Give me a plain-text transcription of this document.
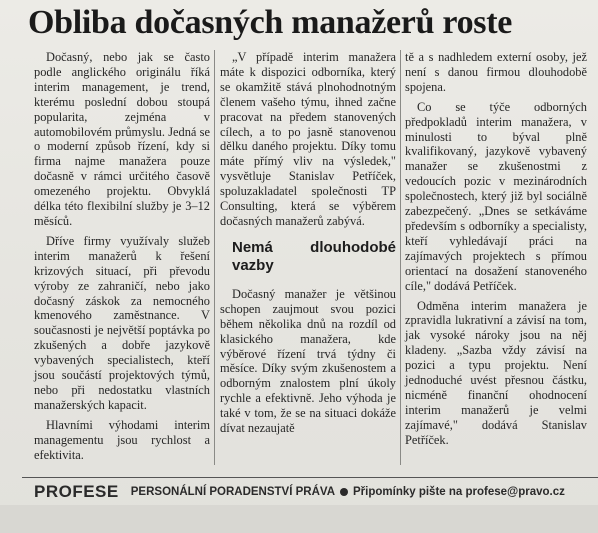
Obliba dočasných manažerů roste

Dočasný, nebo jak se často podle anglického originálu říká interim management, je trend, kterému poslední dobou stoupá popularita, zejména v automobilovém průmyslu. Jedná se o moderní způsob řízení, kdy si firma najme manažera pouze dočasně v rámci určitého časově omezeného projektu. Obvyklá délka této flexibilní služby je 3–12 měsíců.

Dříve firmy využívaly služeb interim manažerů k řešení krizových situací, při převodu výroby ze zahraničí, nebo jako dočasný záskok za nemocného kmenového zaměstnance. V současnosti je největší poptávka po zkušených a dobře jazykově vybavených specialistech, kteří jsou součástí projektových týmů, nebo při nedostatku vlastních manažerských kapacit.

Hlavními výhodami interim managementu jsou rychlost a efektivita.

„V případě interim manažera máte k dispozici odborníka, který se okamžitě stává plnohodnotným členem vašeho týmu, ihned začne pracovat na předem stanovených cílech, a to po jasně stanovenou dělku daného projektu. Díky tomu máte přímý vliv na výsledek," vysvětluje Stanislav Petříček, spoluzakladatel společnosti TP Consulting, která se výběrem dočasných manažerů zabývá.

Nemá dlouhodobé vazby

Dočasný manažer je většinou schopen zaujmout svou pozici během několika dnů na rozdíl od klasického manažera, kde výběrové řízení trvá týdny či měsíce. Díky svým zkušenostem a odborným znalostem plní úkoly rychle a efektivně. Jeho výhoda je také v tom, že se na situaci dokáže dívat nezaujatě

tě a s nadhledem externí osoby, jež není s danou firmou dlouhodobě spojena.

Co se týče odborných předpokladů interim manažera, v minulosti to býval plně kvalifikovaný, jazykově vybavený manažer se zkušenostmi z vedoucích pozic v mezinárodních společnostech, který již byl sociálně zabezpečený. „Dnes se setkáváme především s odborníky a specialisty, kteří vyhledávají práci na zajímavých projektech s přímou orientací na dosažení stanoveného cíle," dodává Petříček.

Odměna interim manažera je zpravidla lukrativní a závisí na tom, jak vysoké nároky jsou na něj kladeny. „Sazba vždy závisí na pozici a typu projektu. Není jednoduché uvést přesnou částku, nicméně finanční ohodnocení interim manažerů je velmi zajímavé," dodává Stanislav Petříček.

PROFESE PERSONÁLNÍ PORADENSTVÍ PRÁVA Připomínky pište na profese@pravo.cz
